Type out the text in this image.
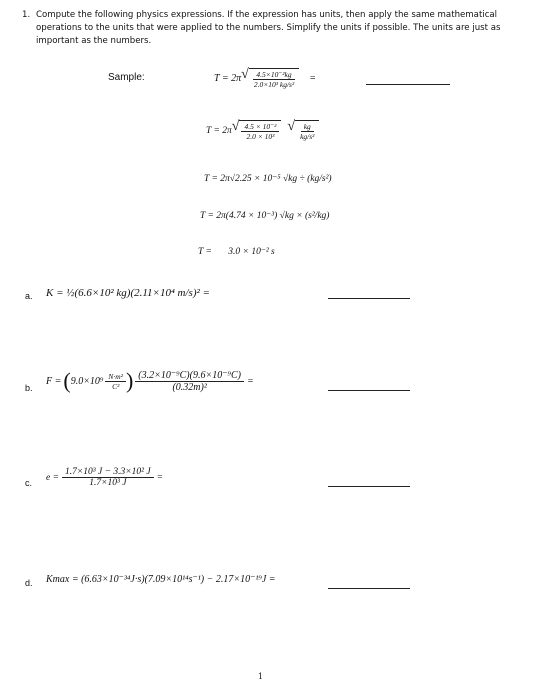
1. Compute the following physics expressions. If the expression has units, then apply the same mathematical operations to the units that were applied to the numbers. Simplify the units if possible. The units are just as important as the numbers.
Sample:	T = 2π √ $\frac{\text{4.5×10⁻²kg}}{\text{2.0×10³ kg/s²}}$ =
T = 2π √ $\frac{\text{4.5 × 10⁻²}}{\text{2.0 × 10³}}$ √ $\frac{kg}{\text{kg/s²}}$
T = 2π√2.25 × 10⁻⁵ √kg ÷ (kg/s²)
T = 2π(4.74 × 10⁻³) √kg × (s²/kg)
T = 3.0 × 10⁻² s
a. K = ½(6.6×10² kg)(2.11×10⁴ m/s)² =
b.
F = ( $9.0\times 10^9 \frac{\text{N·m²}}{\text{C²}}$ ) $\frac{\text{(3.2×10⁻⁹C)(9.6×10⁻⁹C)}}{\text{(0.32m)²}}$ =
c.
$e = \frac{\text{1.7×10³ J − 3.3×10² J}}{\text{1.7×10³ J}}$ =
d. Kmax = (6.63×10⁻³⁴J·s)(7.09×10¹⁴s⁻¹) − 2.17×10⁻¹⁹J =
1
